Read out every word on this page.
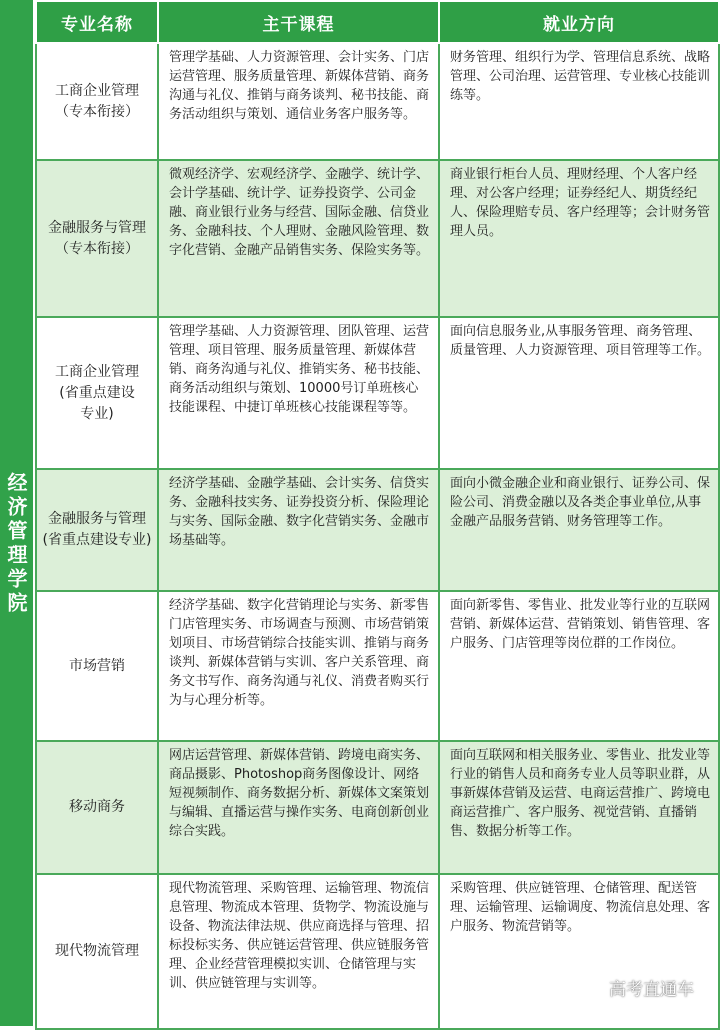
经济管理学院
专业名称	主干课程	就业方向

工商企业管理
（专本衔接）	管理学基础、人力资源管理、会计实务、门店运营管理、服务质量管理、新媒体营销、商务沟通与礼仪、推销与商务谈判、秘书技能、商务活动组织与策划、通信业务客户服务等。	财务管理、组织行为学、管理信息系统、战略管理、公司治理、运营管理、专业核心技能训练等。

金融服务与管理
（专本衔接）	微观经济学、宏观经济学、金融学、统计学、会计学基础、统计学、证券投资学、公司金融、商业银行业务与经营、国际金融、信贷业务、金融科技、个人理财、金融风险管理、数字化营销、金融产品销售实务、保险实务等。	商业银行柜台人员、理财经理、个人客户经理、对公客户经理；证券经纪人、期货经纪人、保险理赔专员、客户经理等；会计财务管理人员。

工商企业管理
(省重点建设
专业)	管理学基础、人力资源管理、团队管理、运营管理、项目管理、服务质量管理、新媒体营销、商务沟通与礼仪、推销实务、秘书技能、商务活动组织与策划、10000号订单班核心技能课程、中捷订单班核心技能课程等等。	面向信息服务业,从事服务管理、商务管理、质量管理、人力资源管理、项目管理等工作。

金融服务与管理
(省重点建设专业)	经济学基础、金融学基础、会计实务、信贷实务、金融科技实务、证券投资分析、保险理论与实务、国际金融、数字化营销实务、金融市场基础等。	面向小微金融企业和商业银行、证券公司、保险公司、消费金融以及各类企事业单位,从事金融产品服务营销、财务管理等工作。

市场营销	经济学基础、数字化营销理论与实务、新零售门店管理实务、市场调查与预测、市场营销策划项目、市场营销综合技能实训、推销与商务谈判、新媒体营销与实训、客户关系管理、商务文书写作、商务沟通与礼仪、消费者购买行为与心理分析等。	面向新零售、零售业、批发业等行业的互联网营销、新媒体运营、营销策划、销售管理、客户服务、门店管理等岗位群的工作岗位。

移动商务	网店运营管理、新媒体营销、跨境电商实务、商品摄影、Photoshop商务图像设计、网络短视频制作、商务数据分析、新媒体文案策划与编辑、直播运营与操作实务、电商创新创业综合实践。	面向互联网和相关服务业、零售业、批发业等行业的销售人员和商务专业人员等职业群，从事新媒体营销及运营、电商运营推广、跨境电商运营推广、客户服务、视觉营销、直播销售、数据分析等工作。

现代物流管理	现代物流管理、采购管理、运输管理、物流信息管理、物流成本管理、货物学、物流设施与设备、物流法律法规、供应商选择与管理、招标投标实务、供应链运营管理、供应链服务管理、企业经营管理模拟实训、仓储管理与实训、供应链管理与实训等。	采购管理、供应链管理、仓储管理、配送管理、运输管理、运输调度、物流信息处理、客户服务、物流营销等。
高考直通车
